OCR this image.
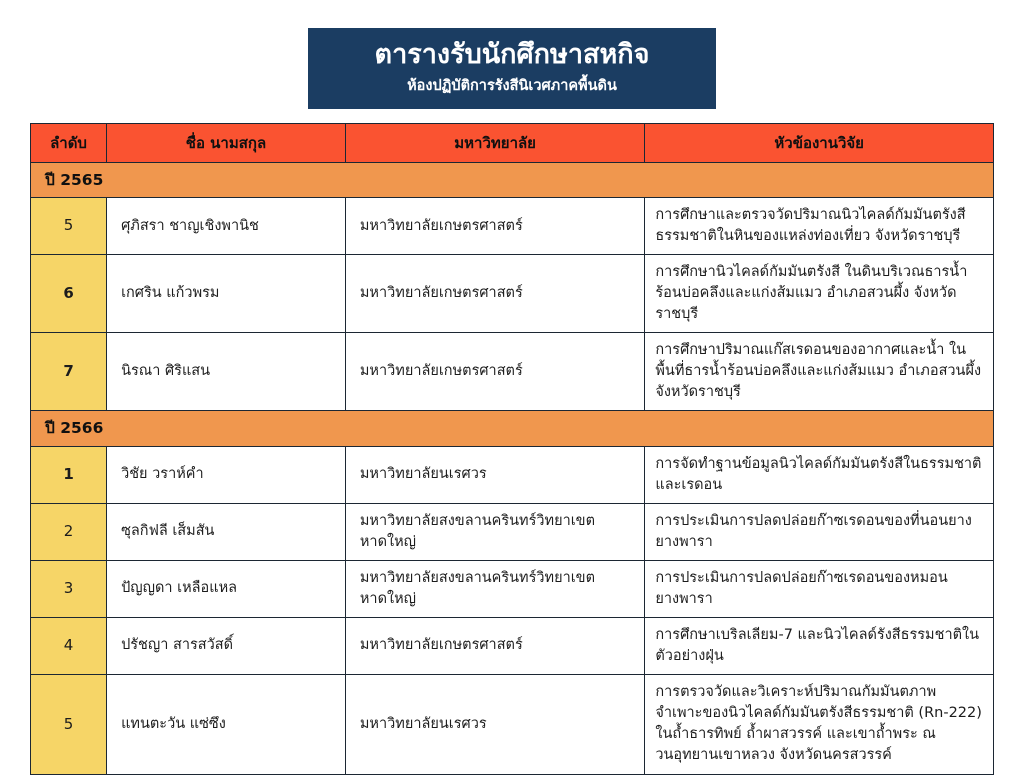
ตารางรับนักศึกษาสหกิจ
ห้องปฏิบัติการรังสีนิเวศภาคพื้นดิน
ลำดับ	ชื่อ นามสกุล	มหาวิทยาลัย	หัวข้องานวิจัย
ปี 2565			
5	ศุภิสรา ชาญเชิงพานิช	มหาวิทยาลัยเกษตรศาสตร์	การศึกษาและตรวจวัดปริมาณนิวไคลด์กัมมันตรังสีธรรมชาติในหินของแหล่งท่องเที่ยว จังหวัดราชบุรี
6	เกศริน แก้วพรม	มหาวิทยาลัยเกษตรศาสตร์	การศึกษานิวไคลด์กัมมันตรังสี ในดินบริเวณธารน้ำร้อนบ่อคลึงและแก่งส้มแมว อำเภอสวนผึ้ง จังหวัดราชบุรี
7	นิรณา ศิริแสน	มหาวิทยาลัยเกษตรศาสตร์	การศึกษาปริมาณแก๊สเรดอนของอากาศและน้ำ ในพื้นที่ธารน้ำร้อนบ่อคลึงและแก่งส้มแมว อำเภอสวนผึ้ง จังหวัดราชบุรี
ปี 2566			
1	วิชัย วราห์คำ	มหาวิทยาลัยนเรศวร	การจัดทำฐานข้อมูลนิวไคลด์กัมมันตรังสีในธรรมชาติ และเรดอน
2	ซุลกิฟลี เส็มสัน	มหาวิทยาลัยสงขลานครินทร์วิทยาเขตหาดใหญ่	การประเมินการปลดปล่อยก๊าซเรดอนของที่นอนยางยางพารา
3	ปัญญดา เหลือแหล	มหาวิทยาลัยสงขลานครินทร์วิทยาเขตหาดใหญ่	การประเมินการปลดปล่อยก๊าซเรดอนของหมอนยางพารา
4	ปรัชญา สารสวัสดิ์	มหาวิทยาลัยเกษตรศาสตร์	การศึกษาเบริลเลียม-7 และนิวไคลด์รังสีธรรมชาติในตัวอย่างฝุ่น
5	แทนตะวัน แซ่ซึง	มหาวิทยาลัยนเรศวร	การตรวจวัดและวิเคราะห์ปริมาณกัมมันตภาพจำเพาะของนิวไคลด์กัมมันตรังสีธรรมชาติ (Rn-222) ในถ้ำธารทิพย์ ถ้ำผาสวรรค์ และเขาถ้ำพระ ณ วนอุทยานเขาหลวง จังหวัดนครสวรรค์
